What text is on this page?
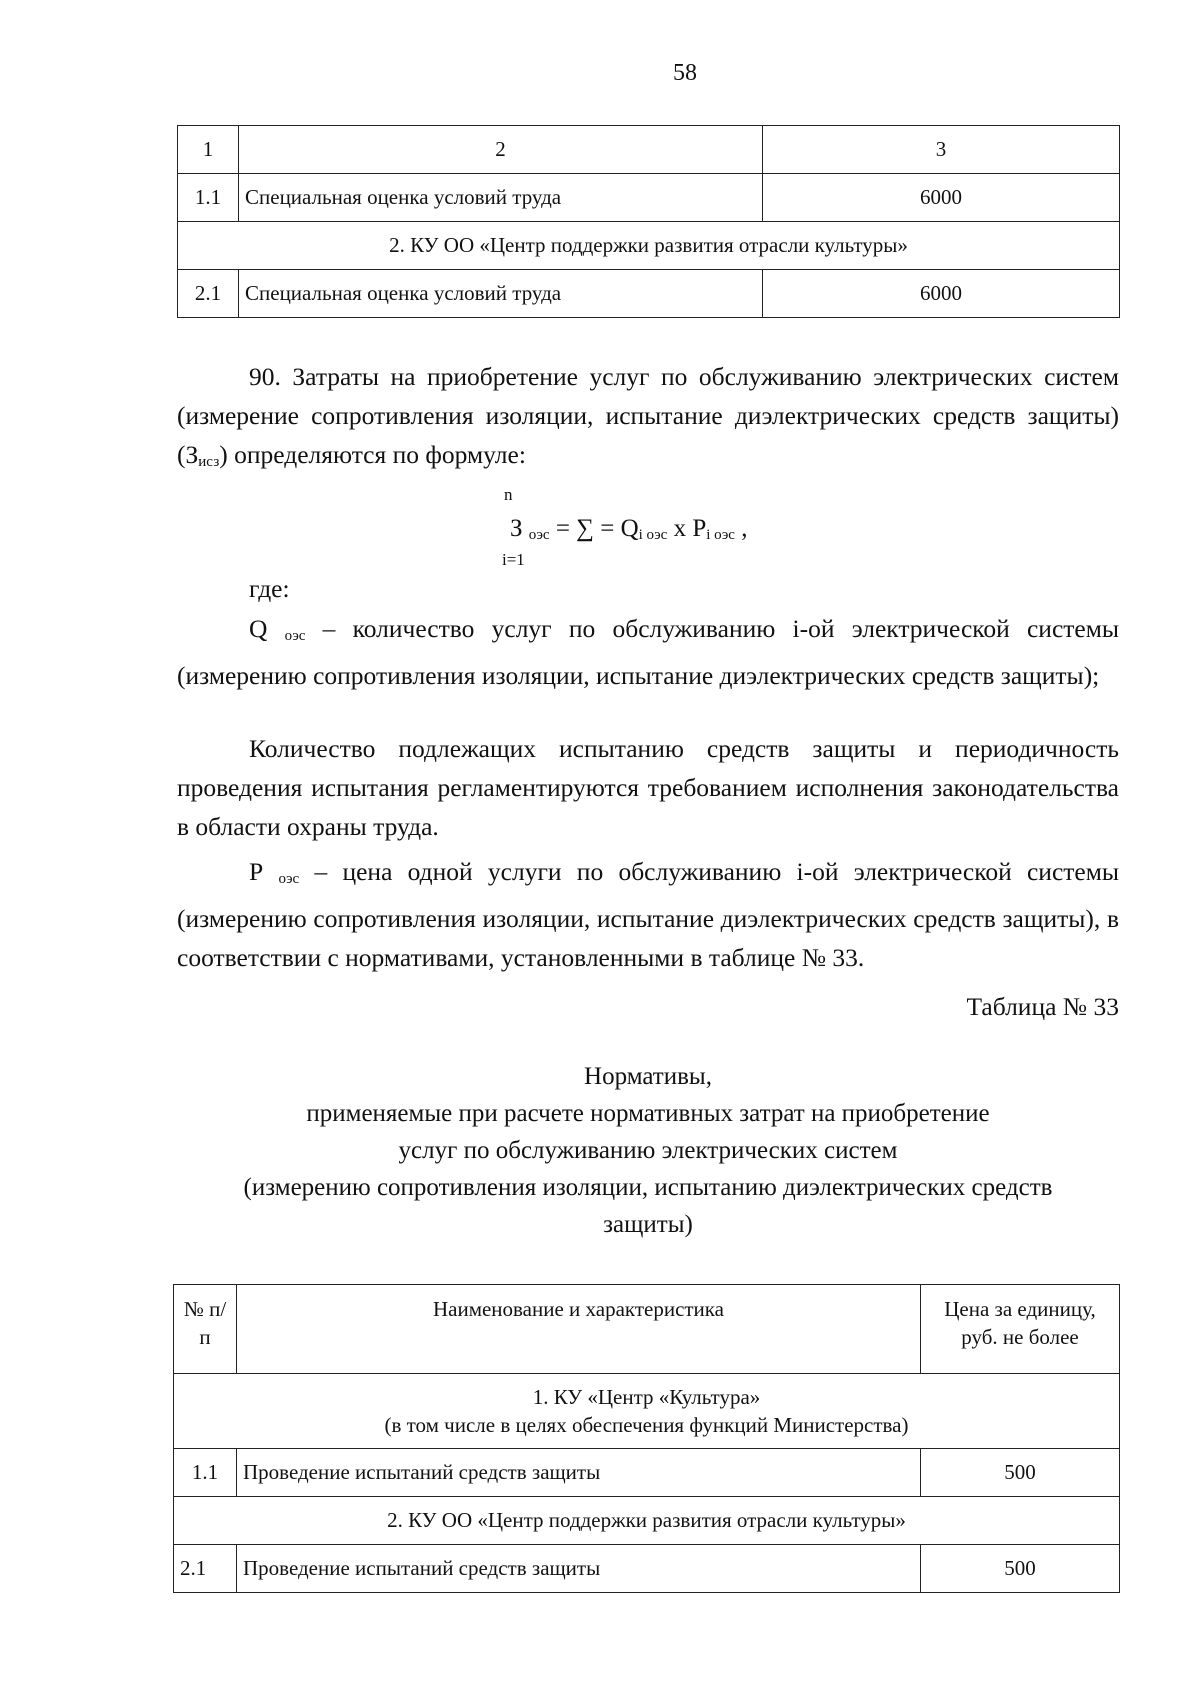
58
1	2	3
1.1	Специальная оценка условий труда	6000
2. КУ ОО «Центр поддержки развития отрасли культуры»		
2.1	Специальная оценка условий труда	6000

90. Затраты на приобретение услуг по обслуживанию электрических систем (измерение сопротивления изоляции, испытание диэлектрических средств защиты) $(З_{исз})$ определяются по формуле:

n
З $_{оэс}$ = ∑ = $Q_{i оэс}$ x $P_{i оэс}$ ,
i=1
где:

Q $_{оэс}$ – количество услуг по обслуживанию i-ой электрической системы (измерению сопротивления изоляции, испытание диэлектрических средств защиты);

Количество подлежащих испытанию средств защиты и периодичность проведения испытания регламентируются требованием исполнения законодательства в области охраны труда.

Р $_{оэс}$ – цена одной услуги по обслуживанию i-ой электрической системы (измерению сопротивления изоляции, испытание диэлектрических средств защиты), в соответствии с нормативами, установленными в таблице № 33.

Таблица № 33
Нормативы,
применяемые при расчете нормативных затрат на приобретение
услуг по обслуживанию электрических систем
(измерению сопротивления изоляции, испытанию диэлектрических средств
защиты)
№ п/п	Наименование и характеристика	Цена за единицу, руб. не более

1. КУ «Центр «Культура»
(в том числе в целях обеспечения функций Министерства)		

1.1	Проведение испытаний средств защиты	500
2. КУ ОО «Центр поддержки развития отрасли культуры»		
2.1	Проведение испытаний средств защиты	500
